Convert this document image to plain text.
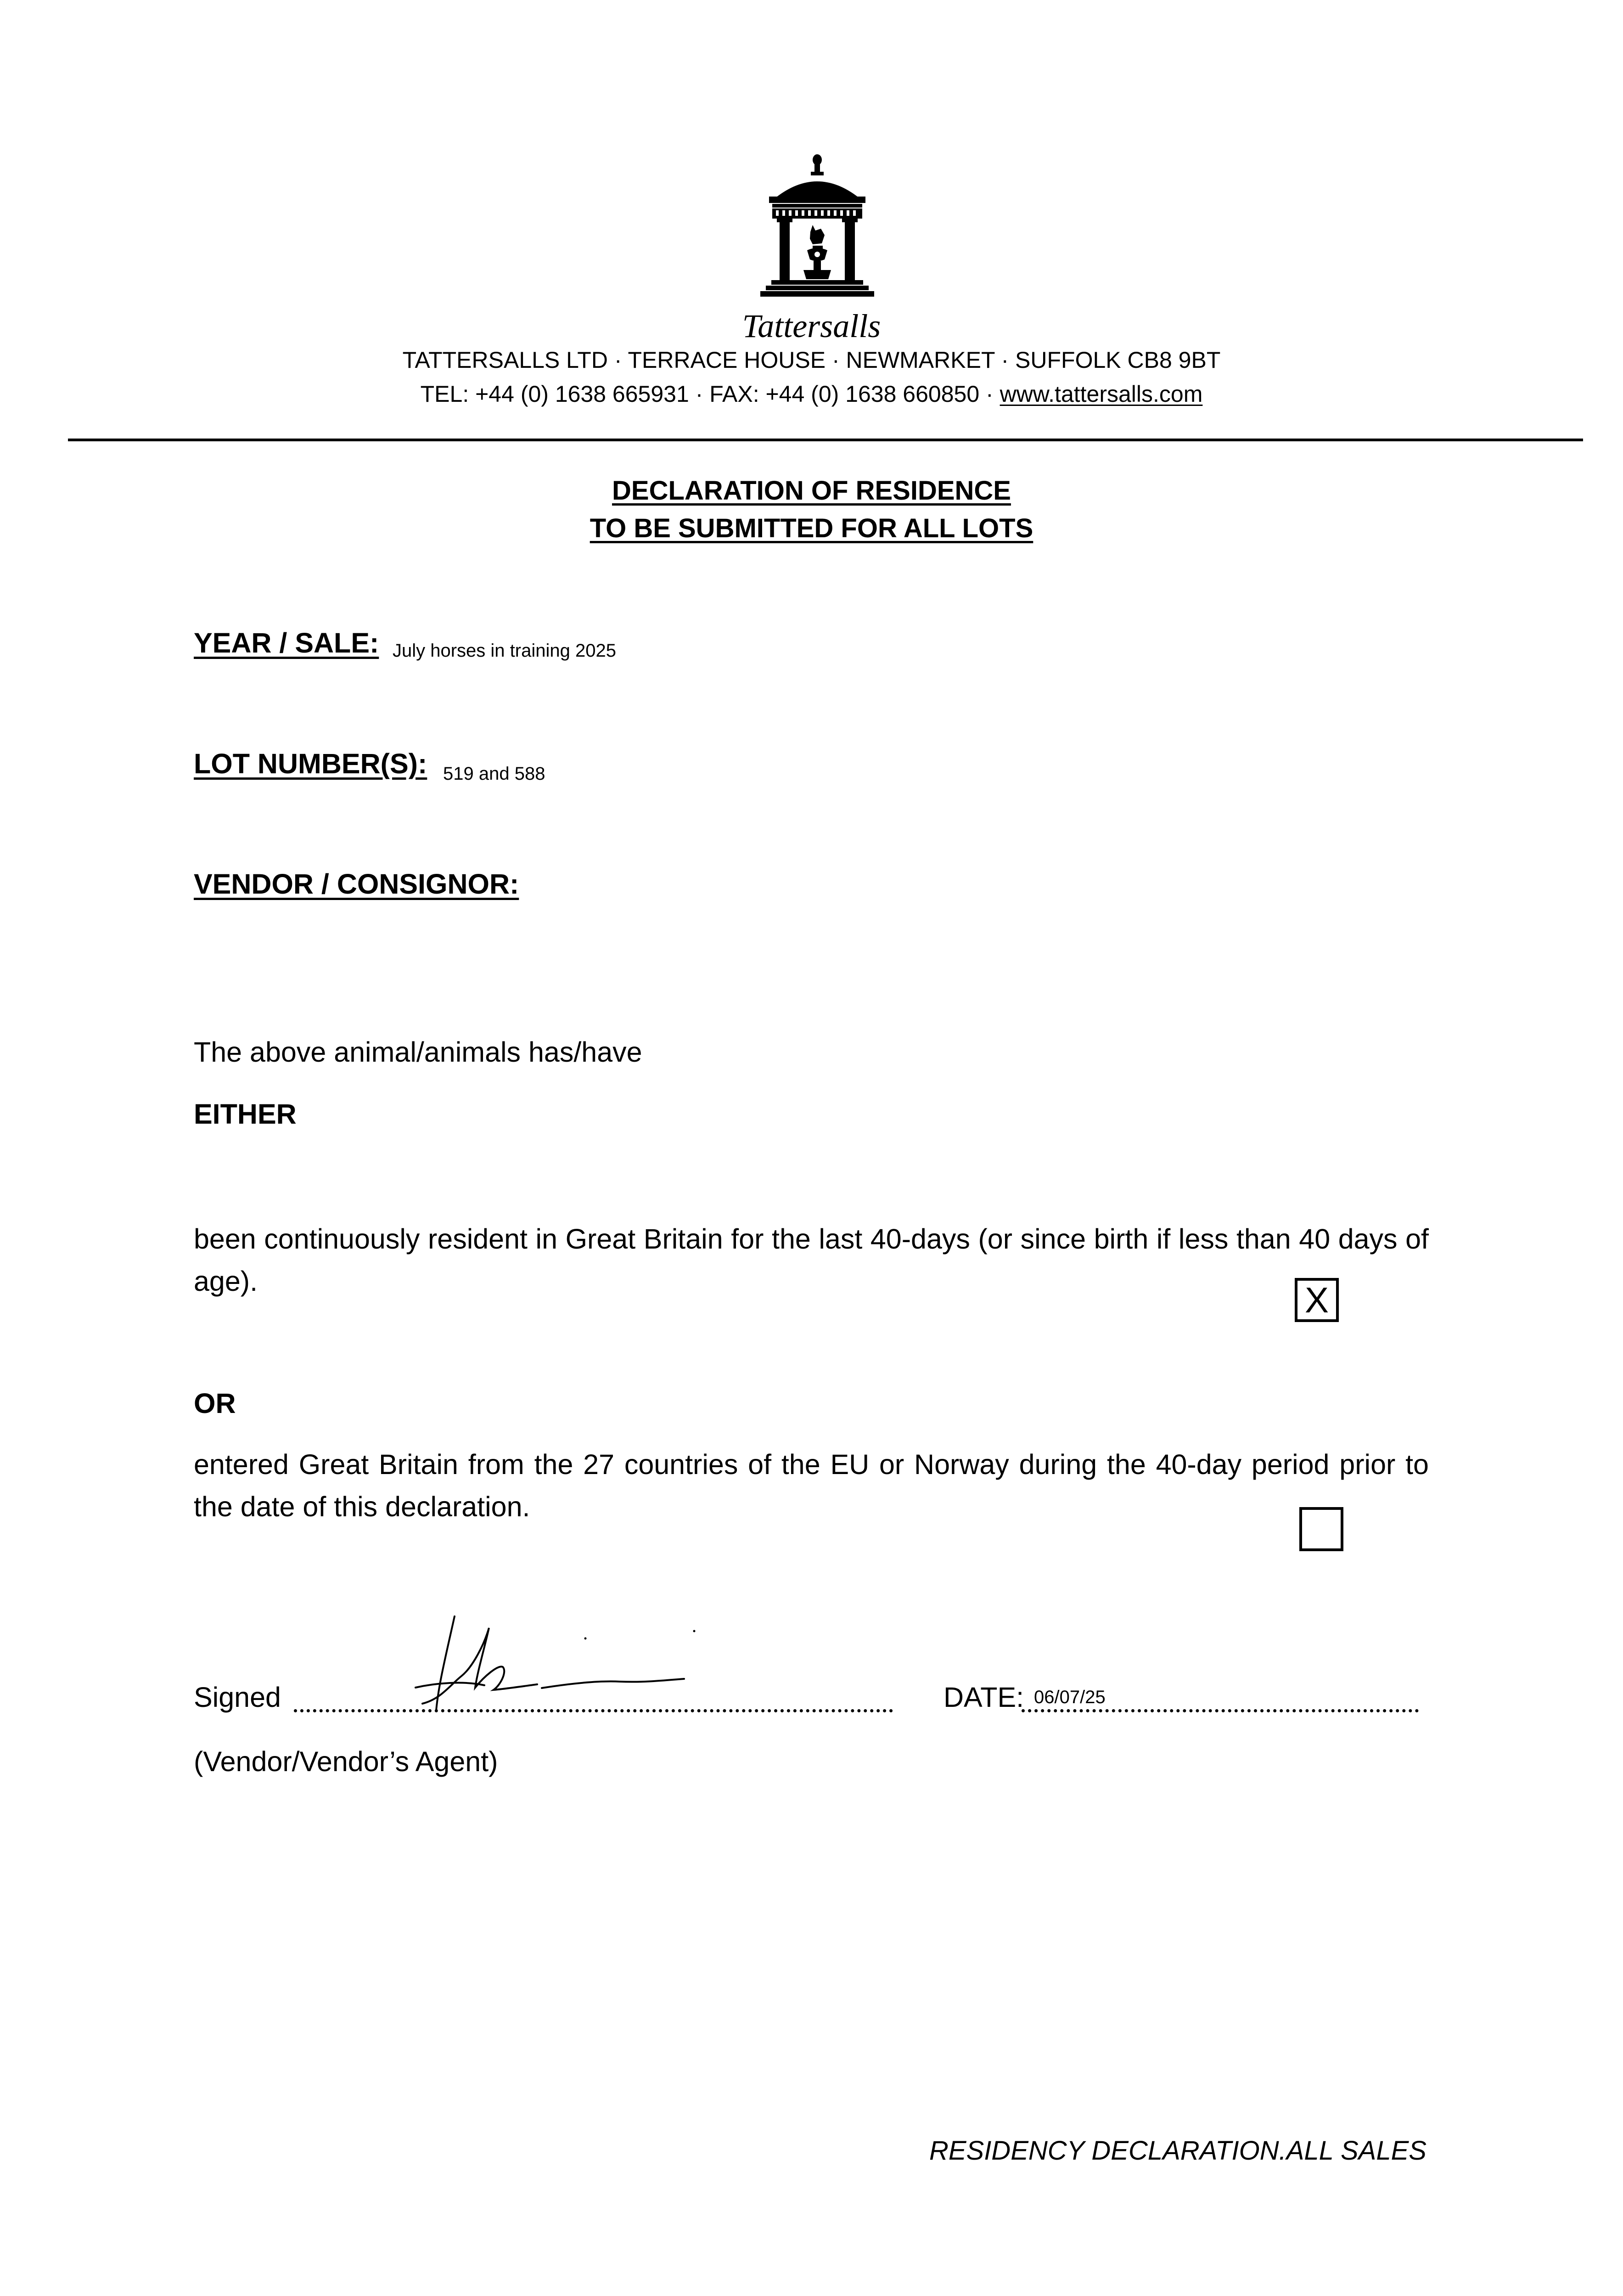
Tattersalls
TATTERSALLS LTD · TERRACE HOUSE · NEWMARKET · SUFFOLK CB8 9BT
TEL: +44 (0) 1638 665931 · FAX: +44 (0) 1638 660850 · www.tattersalls.com
DECLARATION OF RESIDENCE
TO BE SUBMITTED FOR ALL LOTS
YEAR / SALE: July horses in training 2025
LOT NUMBER(S): 519 and 588
VENDOR / CONSIGNOR:
The above animal/animals has/have
EITHER
been continuously resident in Great Britain for the last 40-days (or since birth if less than 40 days of age).	X
OR
entered Great Britain from the 27 countries of the EU or Norway during the 40-day period prior to the date of this declaration.
Signed	DATE: 06/07/25
(Vendor/Vendor’s Agent)
RESIDENCY DECLARATION.ALL SALES
